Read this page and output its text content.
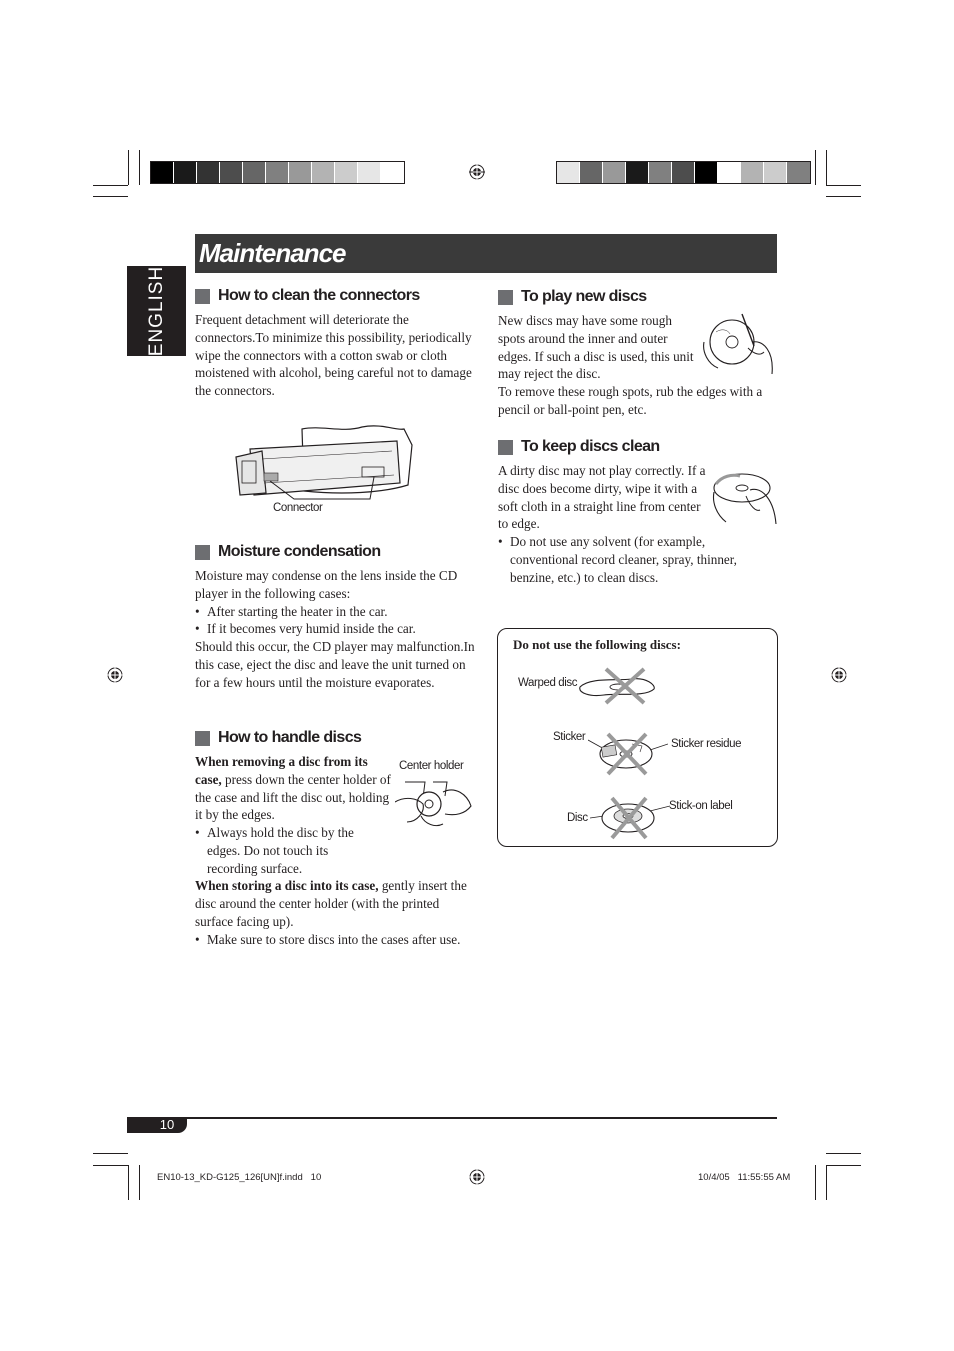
Maintenance
ENGLISH	How to clean the connectors

Frequent detachment will deteriorate the connectors.To minimize this possibility, periodically wipe the connectors with a cotton swab or cloth moistened with alcohol, being careful not to damage the connectors.

Connector
Moisture condensation

Moisture may condense on the lens inside the CD player in the following cases:

• After starting the heater in the car.

• If it becomes very humid inside the car.

Should this occur, the CD player may malfunction.In this case, eject the disc and leave the unit turned on for a few hours until the moisture evaporates.

How to handle discs
Center holder

When removing a disc from its case, press down the center holder of the case and lift the disc out, holding it by the edges.

• Always hold the disc by the edges. Do not touch its recording surface.

When storing a disc into its case, gently insert the disc around the center holder (with the printed surface facing up).

• Make sure to store discs into the cases after use.

To play new discs

New discs may have some rough spots around the inner and outer edges. If such a disc is used, this unit may reject the disc.

To remove these rough spots, rub the edges with a pencil or ball-point pen, etc.

To keep discs clean

A dirty disc may not play correctly. If a disc does become dirty, wipe it with a soft cloth in a straight line from center to edge.

• Do not use any solvent (for example, conventional record cleaner, spray, thinner, benzine, etc.) to clean discs.

Do not use the following discs:
Warped disc
Sticker
Sticker residue
Disc
Stick-on label
10
EN10-13_KD-G125_126[UN]f.indd   10	10/4/05   11:55:55 AM
